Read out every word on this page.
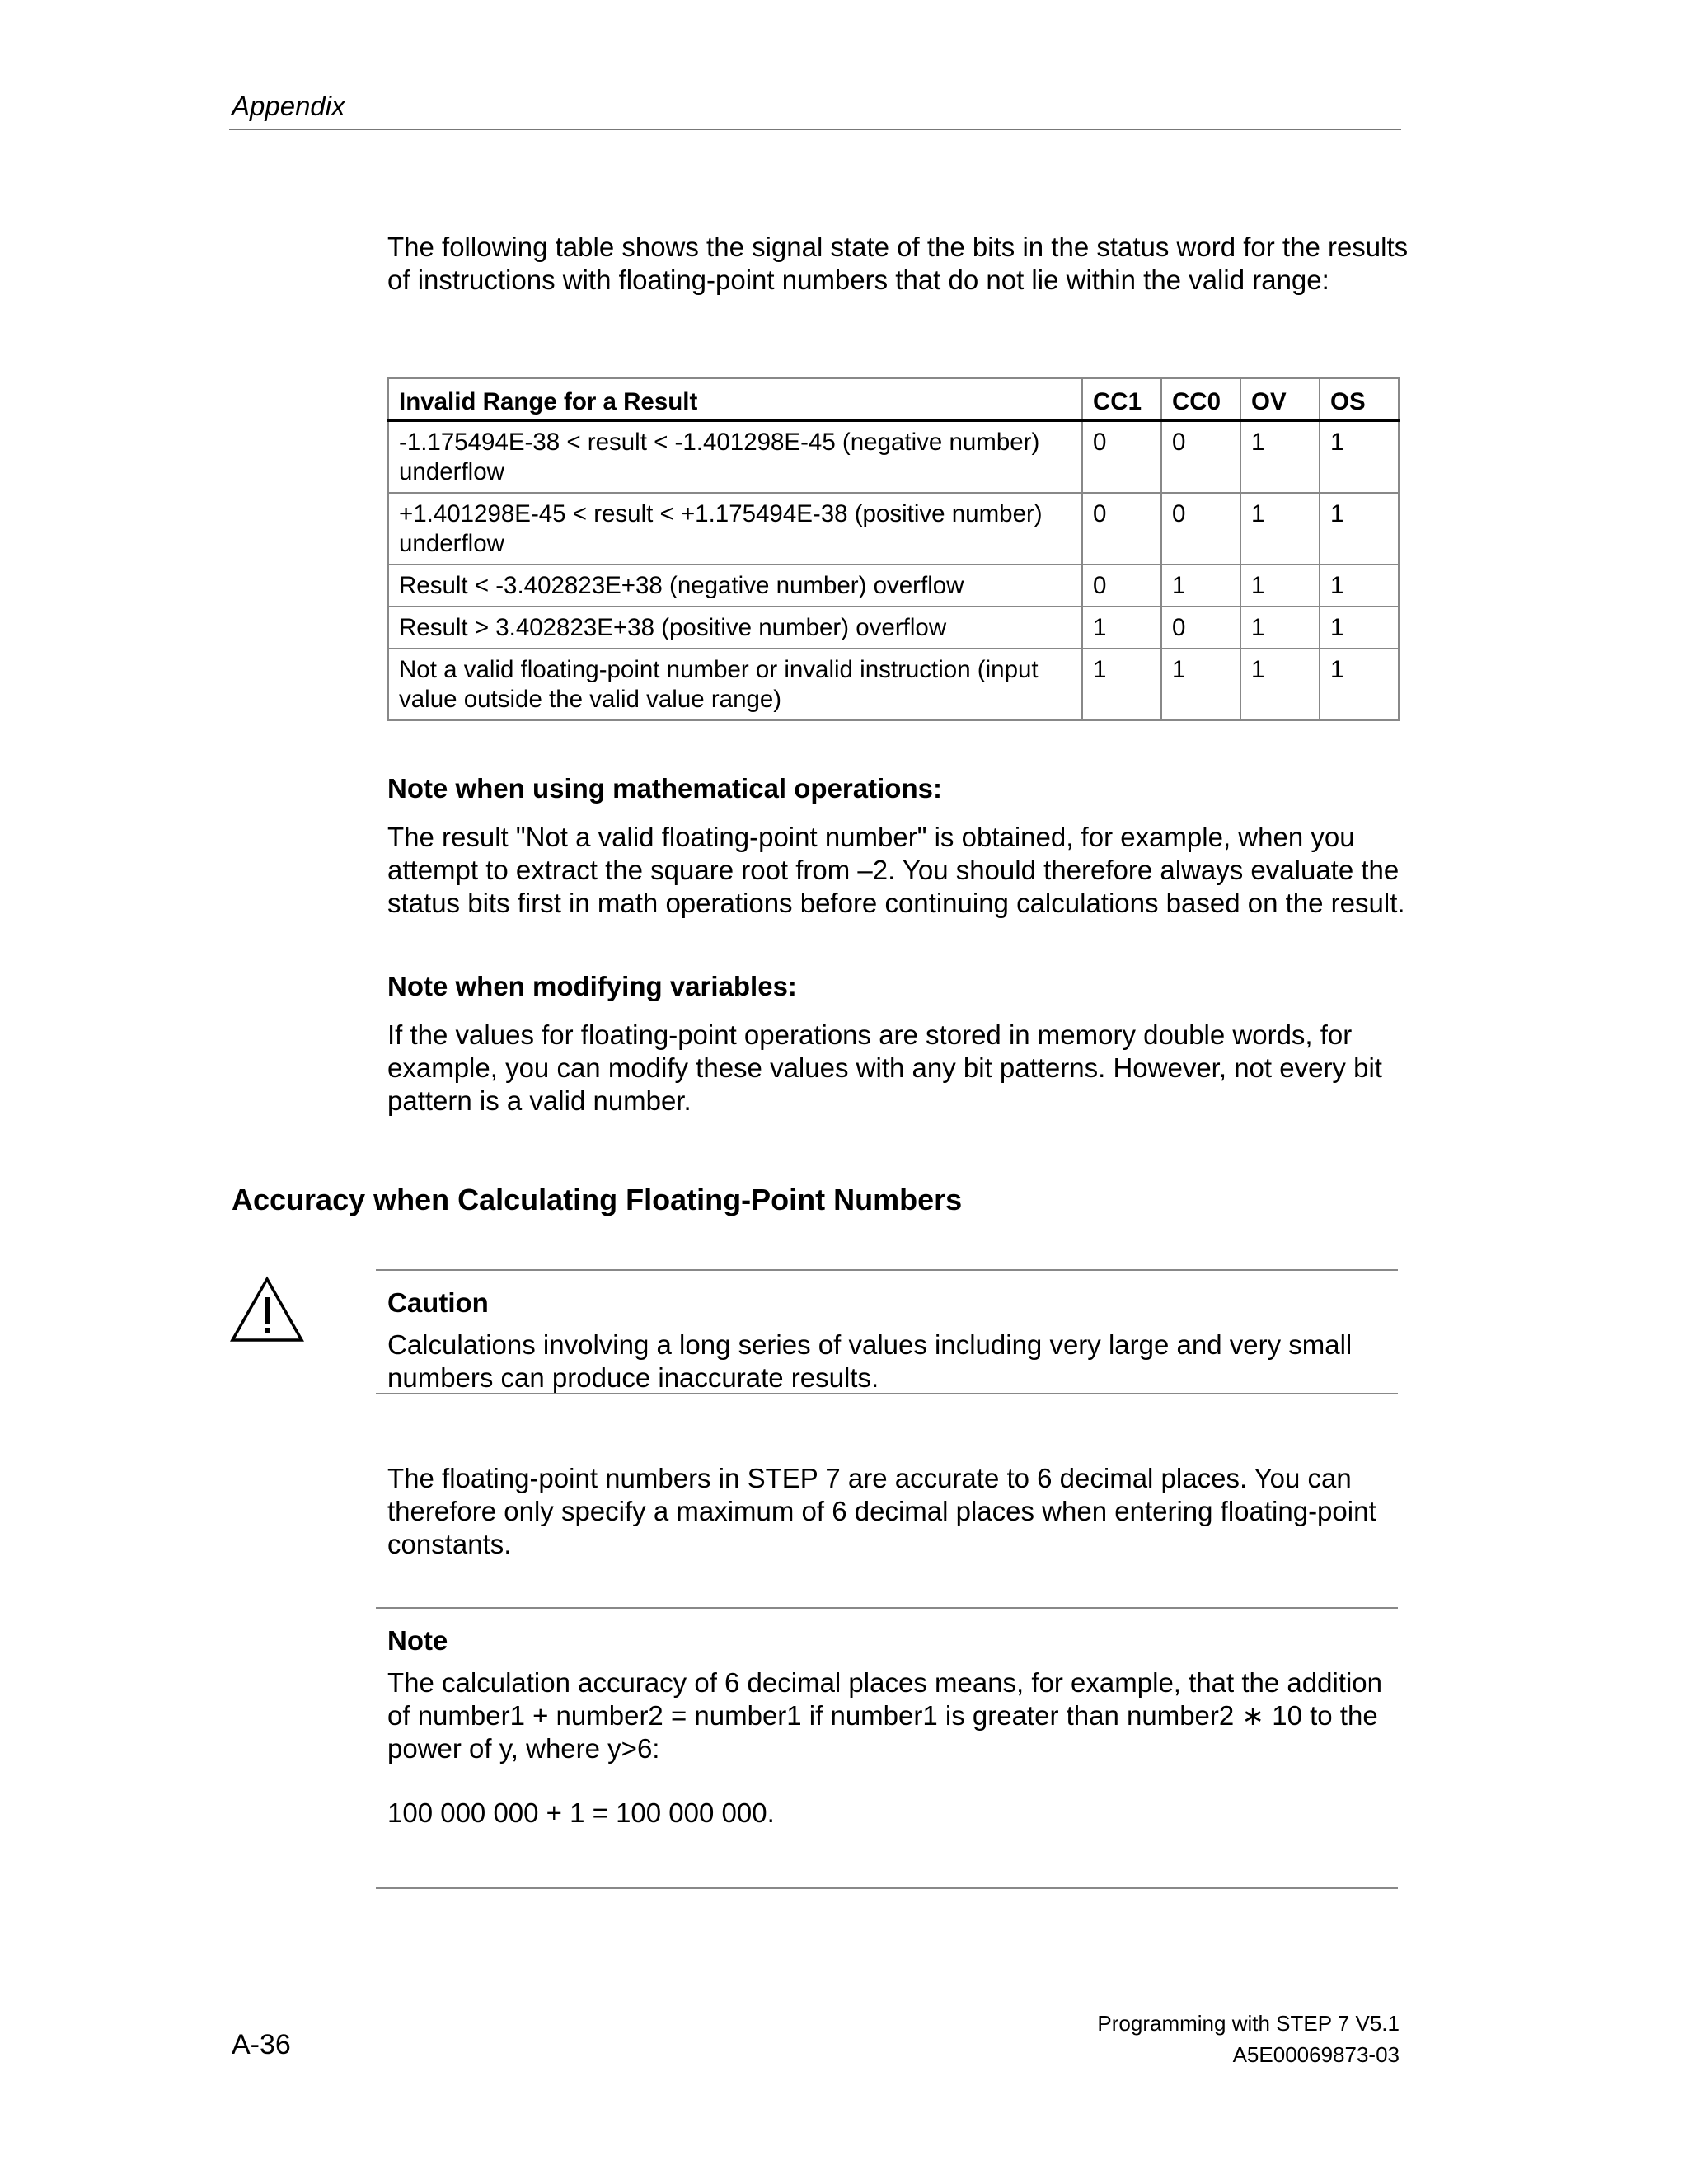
Appendix

The following table shows the signal state of the bits in the status word for the results of instructions with floating-point numbers that do not lie within the valid range:

Invalid Range for a Result	CC1	CC0	OV	OS
-1.175494E-38 < result < -1.401298E-45 (negative number) underflow	0	0	1	1
+1.401298E-45 < result < +1.175494E-38 (positive number) underflow	0	0	1	1
Result < -3.402823E+38 (negative number) overflow	0	1	1	1
Result > 3.402823E+38 (positive number) overflow	1	0	1	1
Not a valid floating-point number or invalid instruction (input value outside the valid value range)	1	1	1	1
Note when using mathematical operations:

The result "Not a valid floating-point number" is obtained, for example, when you attempt to extract the square root from –2. You should therefore always evaluate the status bits first in math operations before continuing calculations based on the result.

Note when modifying variables:

If the values for floating-point operations are stored in memory double words, for example, you can modify these values with any bit patterns. However, not every bit pattern is a valid number.

Accuracy when Calculating Floating-Point Numbers
Caution

Calculations involving a long series of values including very large and very small numbers can produce inaccurate results.

The floating-point numbers in STEP 7 are accurate to 6 decimal places. You can therefore only specify a maximum of 6 decimal places when entering floating-point constants.

Note

The calculation accuracy of 6 decimal places means, for example, that the addition of number1 + number2 = number1 if number1 is greater than number2 ∗ 10 to the power of y, where y>6:

100 000 000 + 1 = 100 000 000.

A-36
Programming with STEP 7 V5.1
A5E00069873-03
